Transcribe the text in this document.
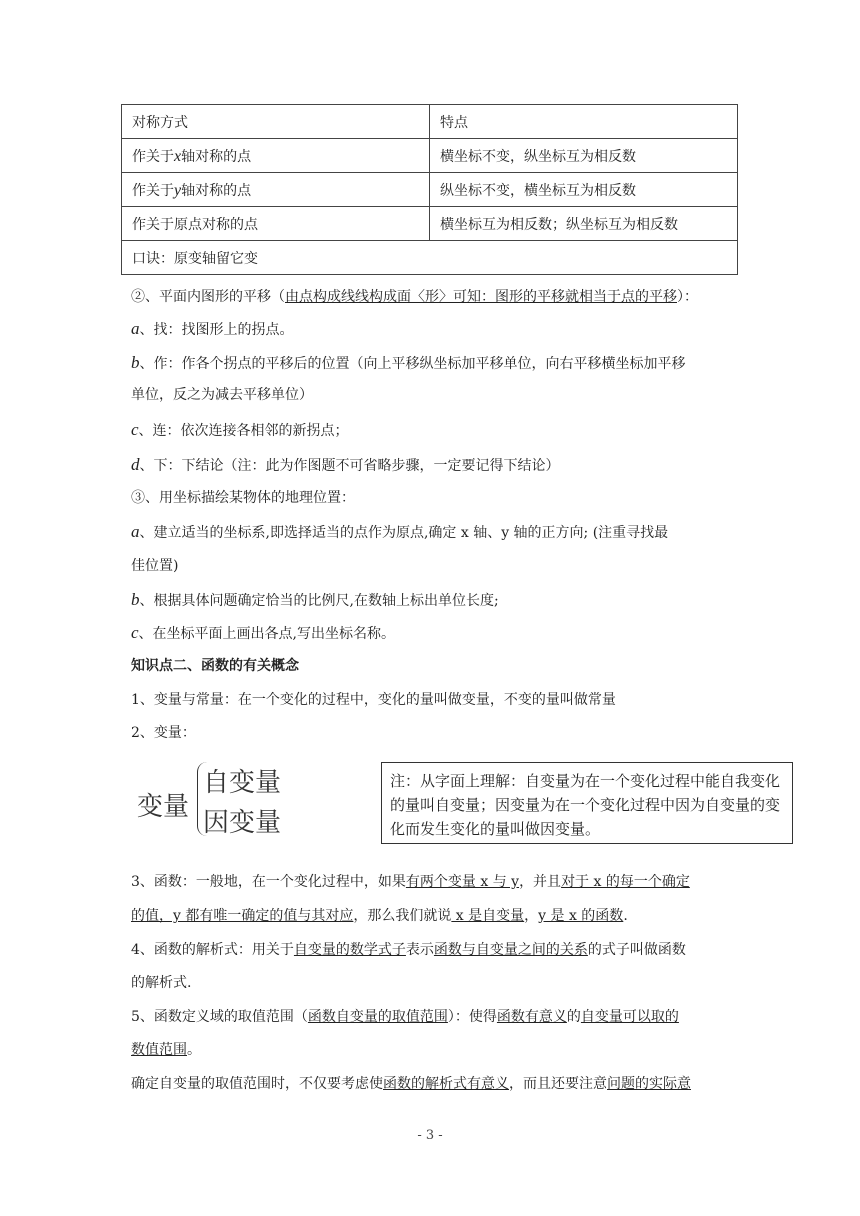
对称方式	特点
作关于x轴对称的点	横坐标不变，纵坐标互为相反数
作关于y轴对称的点	纵坐标不变，横坐标互为相反数
作关于原点对称的点	横坐标互为相反数；纵坐标互为相反数
口诀：原变轴留它变	
②、平面内图形的平移（由点构成线线构成面〈形〉可知：图形的平移就相当于点的平移）：
a、找：找图形上的拐点。
b、作：作各个拐点的平移后的位置（向上平移纵坐标加平移单位，向右平移横坐标加平移
单位，反之为减去平移单位）
c、连：依次连接各相邻的新拐点；
d、下：下结论（注：此为作图题不可省略步骤，一定要记得下结论）
③、用坐标描绘某物体的地理位置：
a、建立适当的坐标系,即选择适当的点作为原点,确定 x 轴、y 轴的正方向; (注重寻找最
佳位置)
b、根据具体问题确定恰当的比例尺,在数轴上标出单位长度;
c、在坐标平面上画出各点,写出坐标名称。
知识点二、函数的有关概念
1、变量与常量：在一个变化的过程中，变化的量叫做变量，不变的量叫做常量
2、变量：
变量
自变量
因变量
注：从字面上理解：自变量为在一个变化过程中能自我变化的量叫自变量；因变量为在一个变化过程中因为自变量的变化而发生变化的量叫做因变量。
3、函数：一般地，在一个变化过程中，如果有两个变量 x 与 y，并且对于 x 的每一个确定
的值，y 都有唯一确定的值与其对应，那么我们就说 x 是自变量，y 是 x 的函数.
4、函数的解析式：用关于自变量的数学式子表示函数与自变量之间的关系的式子叫做函数
的解析式.
5、函数定义域的取值范围（函数自变量的取值范围）：使得函数有意义的自变量可以取的
数值范围。
确定自变量的取值范围时，不仅要考虑使函数的解析式有意义，而且还要注意问题的实际意
- 3 -
